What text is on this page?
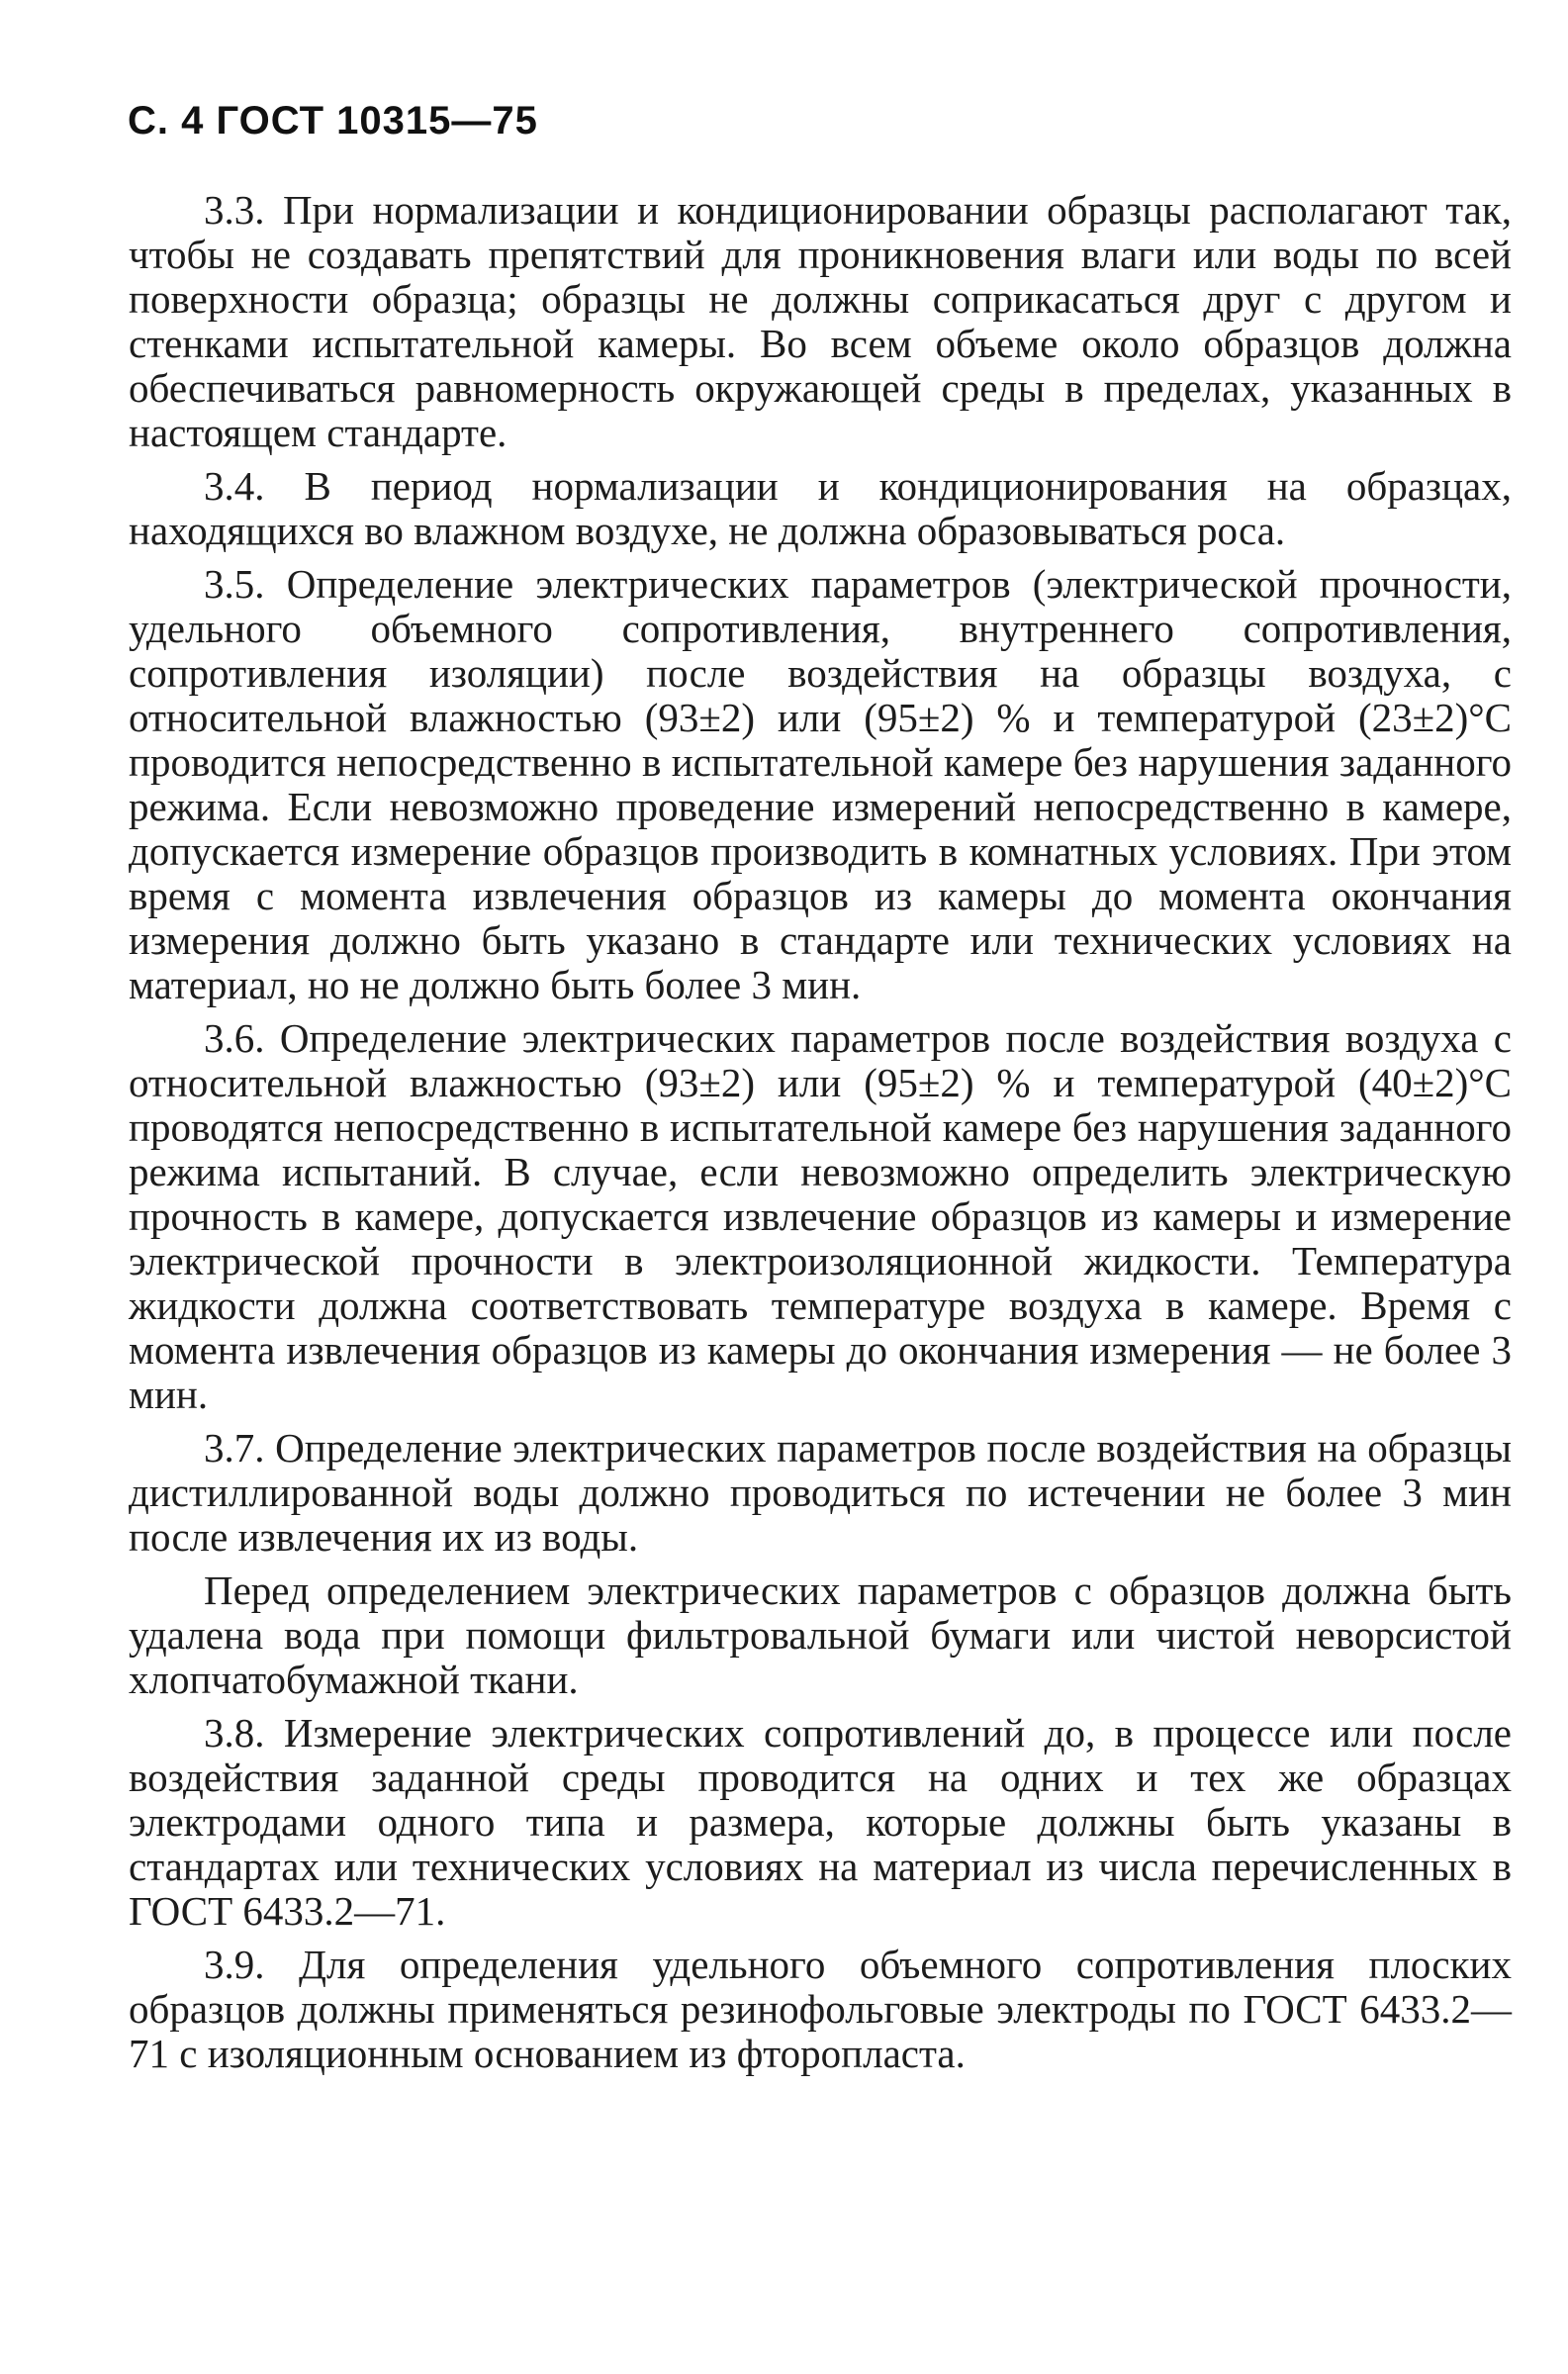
С. 4 ГОСТ 10315—75

3.3. При нормализации и кондиционировании образцы располагают так, чтобы не создавать препятствий для проникновения влаги или воды по всей поверхности образца; образцы не должны соприкасаться друг с другом и стенками испытательной камеры. Во всем объеме около образцов должна обеспечиваться равномерность окружающей среды в пределах, указанных в настоящем стандарте.

3.4. В период нормализации и кондиционирования на образцах, находящихся во влажном воздухе, не должна образовываться роса.

3.5. Определение электрических параметров (электрической прочности, удельного объемного сопротивления, внутреннего сопротивления, сопротивления изоляции) после воздействия на образцы воздуха, с относительной влажностью (93±2) или (95±2) % и температурой (23±2)°С проводится непосредственно в испытательной камере без нарушения заданного режима. Если невозможно проведение измерений непосредственно в камере, допускается измерение образцов производить в комнатных условиях. При этом время с момента извлечения образцов из камеры до момента окончания измерения должно быть указано в стандарте или технических условиях на материал, но не должно быть более 3 мин.

3.6. Определение электрических параметров после воздействия воздуха с относительной влажностью (93±2) или (95±2) % и температурой (40±2)°С проводятся непосредственно в испытательной камере без нарушения заданного режима испытаний. В случае, если невозможно определить электрическую прочность в камере, допускается извлечение образцов из камеры и измерение электрической прочности в электроизоляционной жидкости. Температура жидкости должна соответствовать температуре воздуха в камере. Время с момента извлечения образцов из камеры до окончания измерения — не более 3 мин.

3.7. Определение электрических параметров после воздействия на образцы дистиллированной воды должно проводиться по истечении не более 3 мин после извлечения их из воды.

Перед определением электрических параметров с образцов должна быть удалена вода при помощи фильтровальной бумаги или чистой неворсистой хлопчатобумажной ткани.

3.8. Измерение электрических сопротивлений до, в процессе или после воздействия заданной среды проводится на одних и тех же образцах электродами одного типа и размера, которые должны быть указаны в стандартах или технических условиях на материал из числа перечисленных в ГОСТ 6433.2—71.

3.9. Для определения удельного объемного сопротивления плоских образцов должны применяться резинофольговые электроды по ГОСТ 6433.2—71 с изоляционным основанием из фторопласта.
